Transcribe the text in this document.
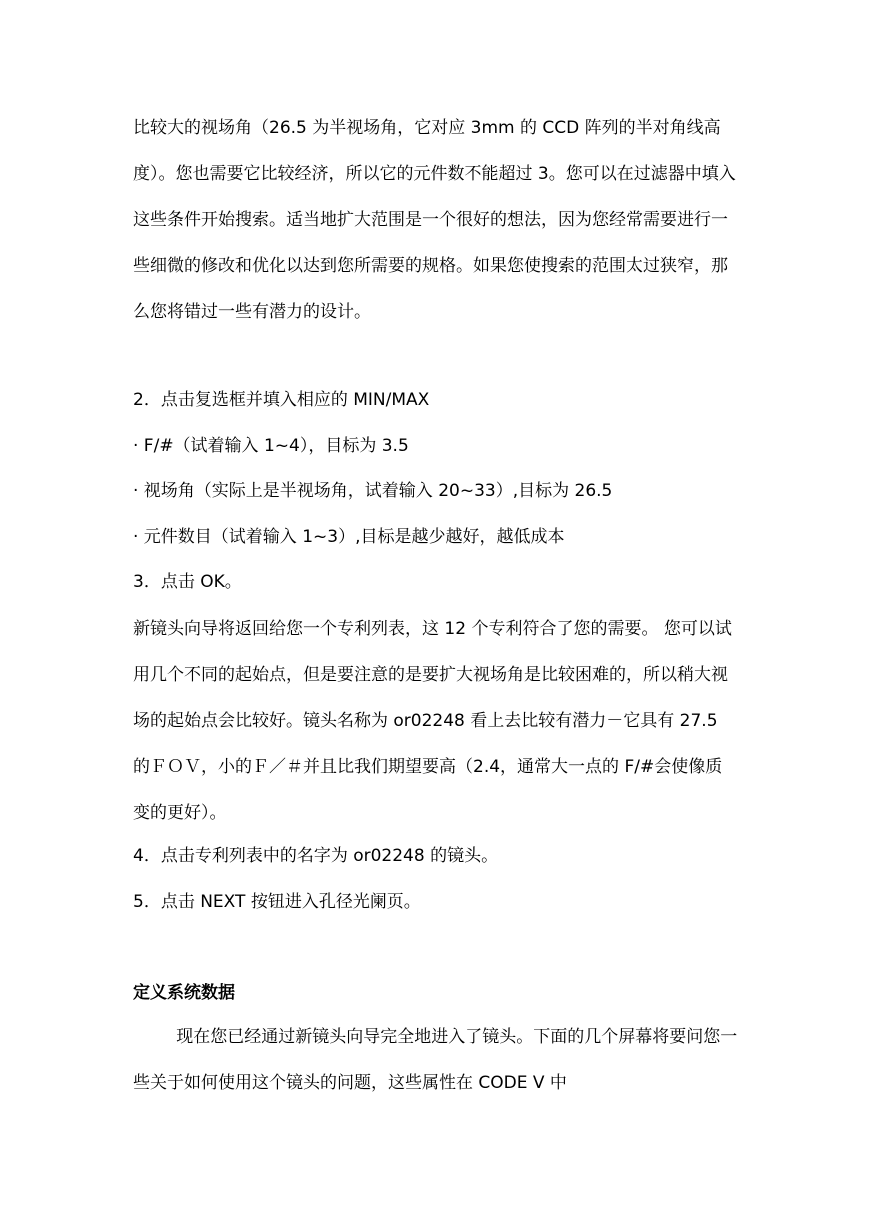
比较大的视场角（26.5 为半视场角，它对应 3mm 的 CCD 阵列的半对角线高度）。您也需要它比较经济，所以它的元件数不能超过 3。您可以在过滤器中填入这些条件开始搜索。适当地扩大范围是一个很好的想法，因为您经常需要进行一些细微的修改和优化以达到您所需要的规格。如果您使搜索的范围太过狭窄，那么您将错过一些有潜力的设计。

2．点击复选框并填入相应的 MIN/MAX
· F/#（试着输入 1~4），目标为 3.5
· 视场角（实际上是半视场角，试着输入 20~33）,目标为 26.5
· 元件数目（试着输入 1~3）,目标是越少越好，越低成本
3．点击 OK。

新镜头向导将返回给您一个专利列表，这 12 个专利符合了您的需要。 您可以试用几个不同的起始点，但是要注意的是要扩大视场角是比较困难的，所以稍大视场的起始点会比较好。镜头名称为 or02248 看上去比较有潜力－它具有 27.5 的ＦＯＶ，小的Ｆ／＃并且比我们期望要高（2.4，通常大一点的 F/#会使像质变的更好）。

4．点击专利列表中的名字为 or02248 的镜头。
5．点击 NEXT 按钮进入孔径光阑页。
定义系统数据

现在您已经通过新镜头向导完全地进入了镜头。下面的几个屏幕将要问您一些关于如何使用这个镜头的问题，这些属性在 CODE V 中
